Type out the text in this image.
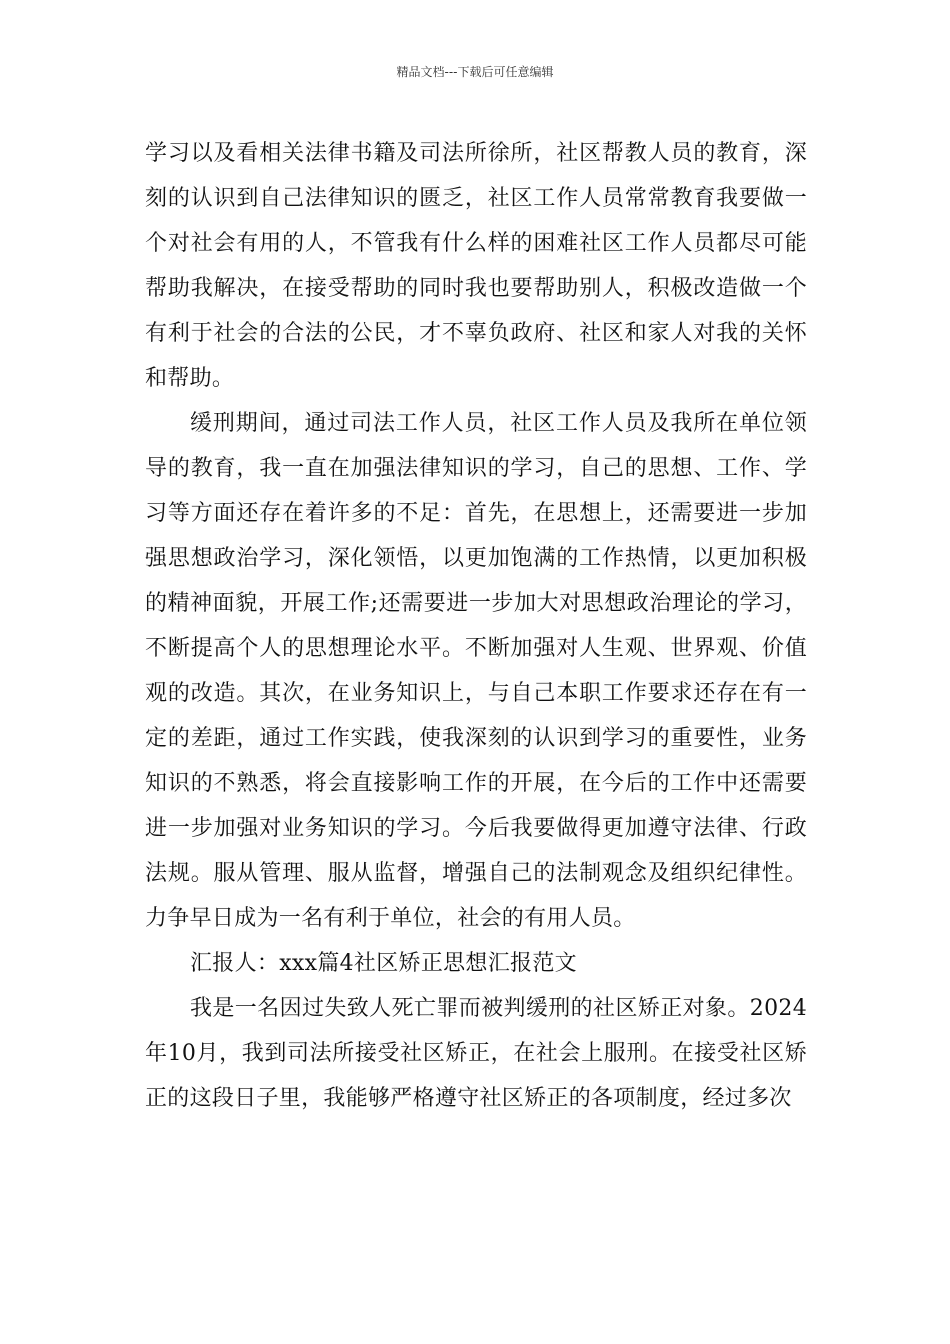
精品文档---下载后可任意编辑

学习以及看相关法律书籍及司法所徐所，社区帮教人员的教育，深刻的认识到自己法律知识的匮乏，社区工作人员常常教育我要做一个对社会有用的人，不管我有什么样的困难社区工作人员都尽可能帮助我解决，在接受帮助的同时我也要帮助别人，积极改造做一个有利于社会的合法的公民，才不辜负政府、社区和家人对我的关怀和帮助。

缓刑期间，通过司法工作人员，社区工作人员及我所在单位领导的教育，我一直在加强法律知识的学习，自己的思想、工作、学习等方面还存在着许多的不足：首先，在思想上，还需要进一步加强思想政治学习，深化领悟，以更加饱满的工作热情，以更加积极的精神面貌，开展工作;还需要进一步加大对思想政治理论的学习，不断提高个人的思想理论水平。不断加强对人生观、世界观、价值观的改造。其次，在业务知识上，与自己本职工作要求还存在有一定的差距，通过工作实践，使我深刻的认识到学习的重要性，业务知识的不熟悉，将会直接影响工作的开展，在今后的工作中还需要进一步加强对业务知识的学习。今后我要做得更加遵守法律、行政法规。服从管理、服从监督，增强自己的法制观念及组织纪律性。力争早日成为一名有利于单位，社会的有用人员。

汇报人：xxx篇4社区矫正思想汇报范文

我是一名因过失致人死亡罪而被判缓刑的社区矫正对象。2024年10月，我到司法所接受社区矫正，在社会上服刑。在接受社区矫正的这段日子里，我能够严格遵守社区矫正的各项制度，经过多次
